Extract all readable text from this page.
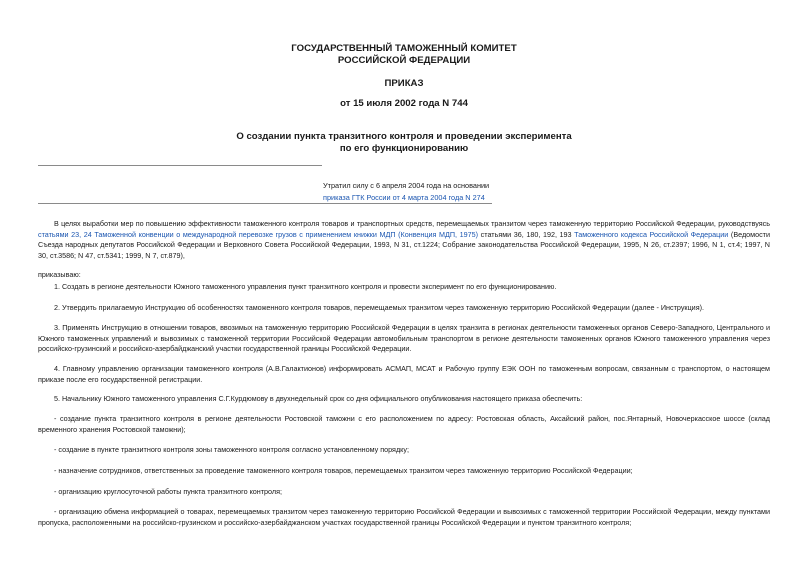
ГОСУДАРСТВЕННЫЙ ТАМОЖЕННЫЙ КОМИТЕТ
РОССИЙСКОЙ ФЕДЕРАЦИИ
ПРИКАЗ
от 15 июля 2002 года N 744
О создании пункта транзитного контроля и проведении эксперимента
по его функционированию
Утратил силу с 6 апреля 2004 года на основании
приказа ГТК России от 4 марта 2004 года N 274

В целях выработки мер по повышению эффективности таможенного контроля товаров и транспортных средств, перемещаемых транзитом через таможенную территорию Российской Федерации, руководствуясь статьями 23, 24 Таможенной конвенции о международной перевозке грузов с применением книжки МДП (Конвенция МДП, 1975) статьями 36, 180, 192, 193 Таможенного кодекса Российской Федерации (Ведомости Съезда народных депутатов Российской Федерации и Верховного Совета Российской Федерации, 1993, N 31, ст.1224; Собрание законодательства Российской Федерации, 1995, N 26, ст.2397; 1996, N 1, ст.4; 1997, N 30, ст.3586; N 47, ст.5341; 1999, N 7, ст.879),

приказываю:

1. Создать в регионе деятельности Южного таможенного управления пункт транзитного контроля и провести эксперимент по его функционированию.

2. Утвердить прилагаемую Инструкцию об особенностях таможенного контроля товаров, перемещаемых транзитом через таможенную территорию Российской Федерации (далее - Инструкция).

3. Применять Инструкцию в отношении товаров, ввозимых на таможенную территорию Российской Федерации в целях транзита в регионах деятельности таможенных органов Северо-Западного, Центрального и Южного таможенных управлений и вывозимых с таможенной территории Российской Федерации автомобильным транспортом в регионе деятельности таможенных органов Южного таможенного управления через российско-грузинский и российско-азербайджанский участки государственной границы Российской Федерации.

4. Главному управлению организации таможенного контроля (А.В.Галактионов) информировать АСМАП, МСАТ и Рабочую группу ЕЭК ООН по таможенным вопросам, связанным с транспортом, о настоящем приказе после его государственной регистрации.

5. Начальнику Южного таможенного управления С.Г.Курдюмову в двухнедельный срок со дня официального опубликования настоящего приказа обеспечить:

- создание пункта транзитного контроля в регионе деятельности Ростовской таможни с его расположением по адресу: Ростовская область, Аксайский район, пос.Янтарный, Новочеркасское шоссе (склад временного хранения Ростовской таможни);

- создание в пункте транзитного контроля зоны таможенного контроля согласно установленному порядку;

- назначение сотрудников, ответственных за проведение таможенного контроля товаров, перемещаемых транзитом через таможенную территорию Российской Федерации;

- организацию круглосуточной работы пункта транзитного контроля;

- организацию обмена информацией о товарах, перемещаемых транзитом через таможенную территорию Российской Федерации и вывозимых с таможенной территории Российской Федерации, между пунктами пропуска, расположенными на российско-грузинском и российско-азербайджанском участках государственной границы Российской Федерации и пунктом транзитного контроля;
